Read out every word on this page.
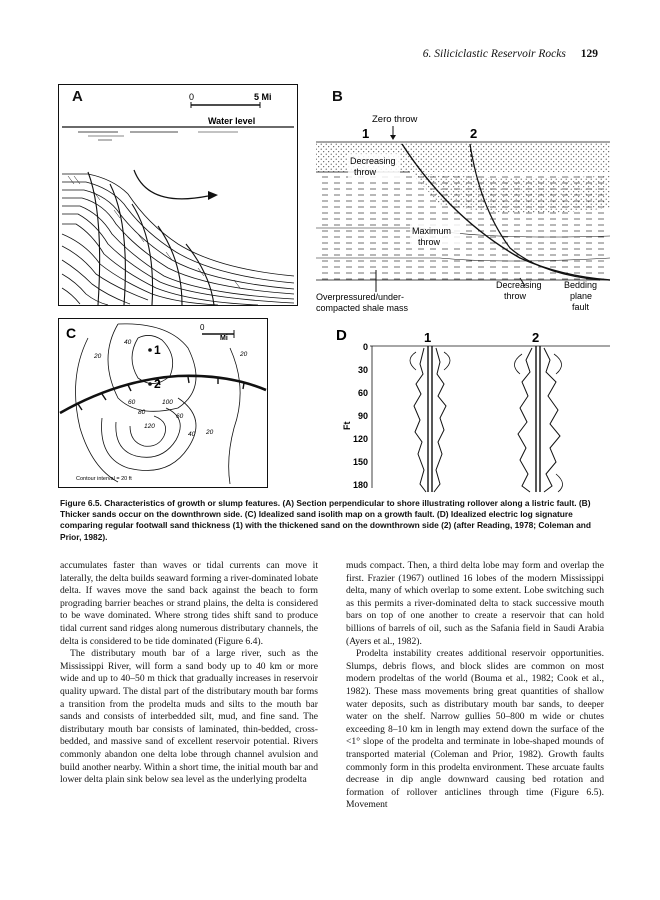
6. Siliciclastic Reservoir Rocks 129
A	0	5 Mi
Water level
B
Zero throw
1	2
Decreasing
throw
Maximum
throw
Overpressured/under-
compacted shale mass
Decreasing
throw
Bedding
plane
fault
C	0
Mi
1
2
20
40
60
80
120
100
60
40 20
20
Contour interval = 20 ft
D	1	2
Ft
0
30
60
90
120
150
180
Figure 6.5. Characteristics of growth or slump features. (A) Section perpendicular to shore illustrating rollover along a listric fault. (B) Thicker sands occur on the downthrown side. (C) Idealized sand isolith map on a growth fault. (D) Idealized electric log signature comparing regular footwall sand thickness (1) with the thickened sand on the downthrown side (2) (after Reading, 1978; Coleman and Prior, 1982).

accumulates faster than waves or tidal currents can move it laterally, the delta builds seaward forming a river-dominated lobate delta. If waves move the sand back against the beach to form prograding barrier beaches or strand plains, the delta is considered to be wave dominated. Where strong tides shift sand to produce tidal current sand ridges along numerous distributary channels, the delta is considered to be tide dominated (Figure 6.4).

The distributary mouth bar of a large river, such as the Mississippi River, will form a sand body up to 40 km or more wide and up to 40–50 m thick that gradually increases in reservoir quality upward. The distal part of the distributary mouth bar forms a transition from the prodelta muds and silts to the mouth bar sands and consists of interbedded silt, mud, and fine sand. The distributary mouth bar consists of laminated, thin-bedded, cross-bedded, and massive sand of excellent reservoir potential. Rivers commonly abandon one delta lobe through channel avulsion and build another nearby. Within a short time, the initial mouth bar and lower delta plain sink below sea level as the underlying prodelta

muds compact. Then, a third delta lobe may form and overlap the first. Frazier (1967) outlined 16 lobes of the modern Mississippi delta, many of which overlap to some extent. Lobe switching such as this permits a river-dominated delta to stack successive mouth bars on top of one another to create a reservoir that can hold billions of barrels of oil, such as the Safania field in Saudi Arabia (Ayers et al., 1982).

Prodelta instability creates additional reservoir opportunities. Slumps, debris flows, and block slides are common on most modern prodeltas of the world (Bouma et al., 1982; Cook et al., 1982). These mass movements bring great quantities of shallow water deposits, such as distributary mouth bar sands, to deeper water on the shelf. Narrow gullies 50–800 m wide or chutes exceeding 8–10 km in length may extend down the surface of the <1° slope of the prodelta and terminate in lobe-shaped mounds of transported material (Coleman and Prior, 1982). Growth faults commonly form in this prodelta environment. These arcuate faults decrease in dip angle downward causing bed rotation and formation of rollover anticlines through time (Figure 6.5). Movement
